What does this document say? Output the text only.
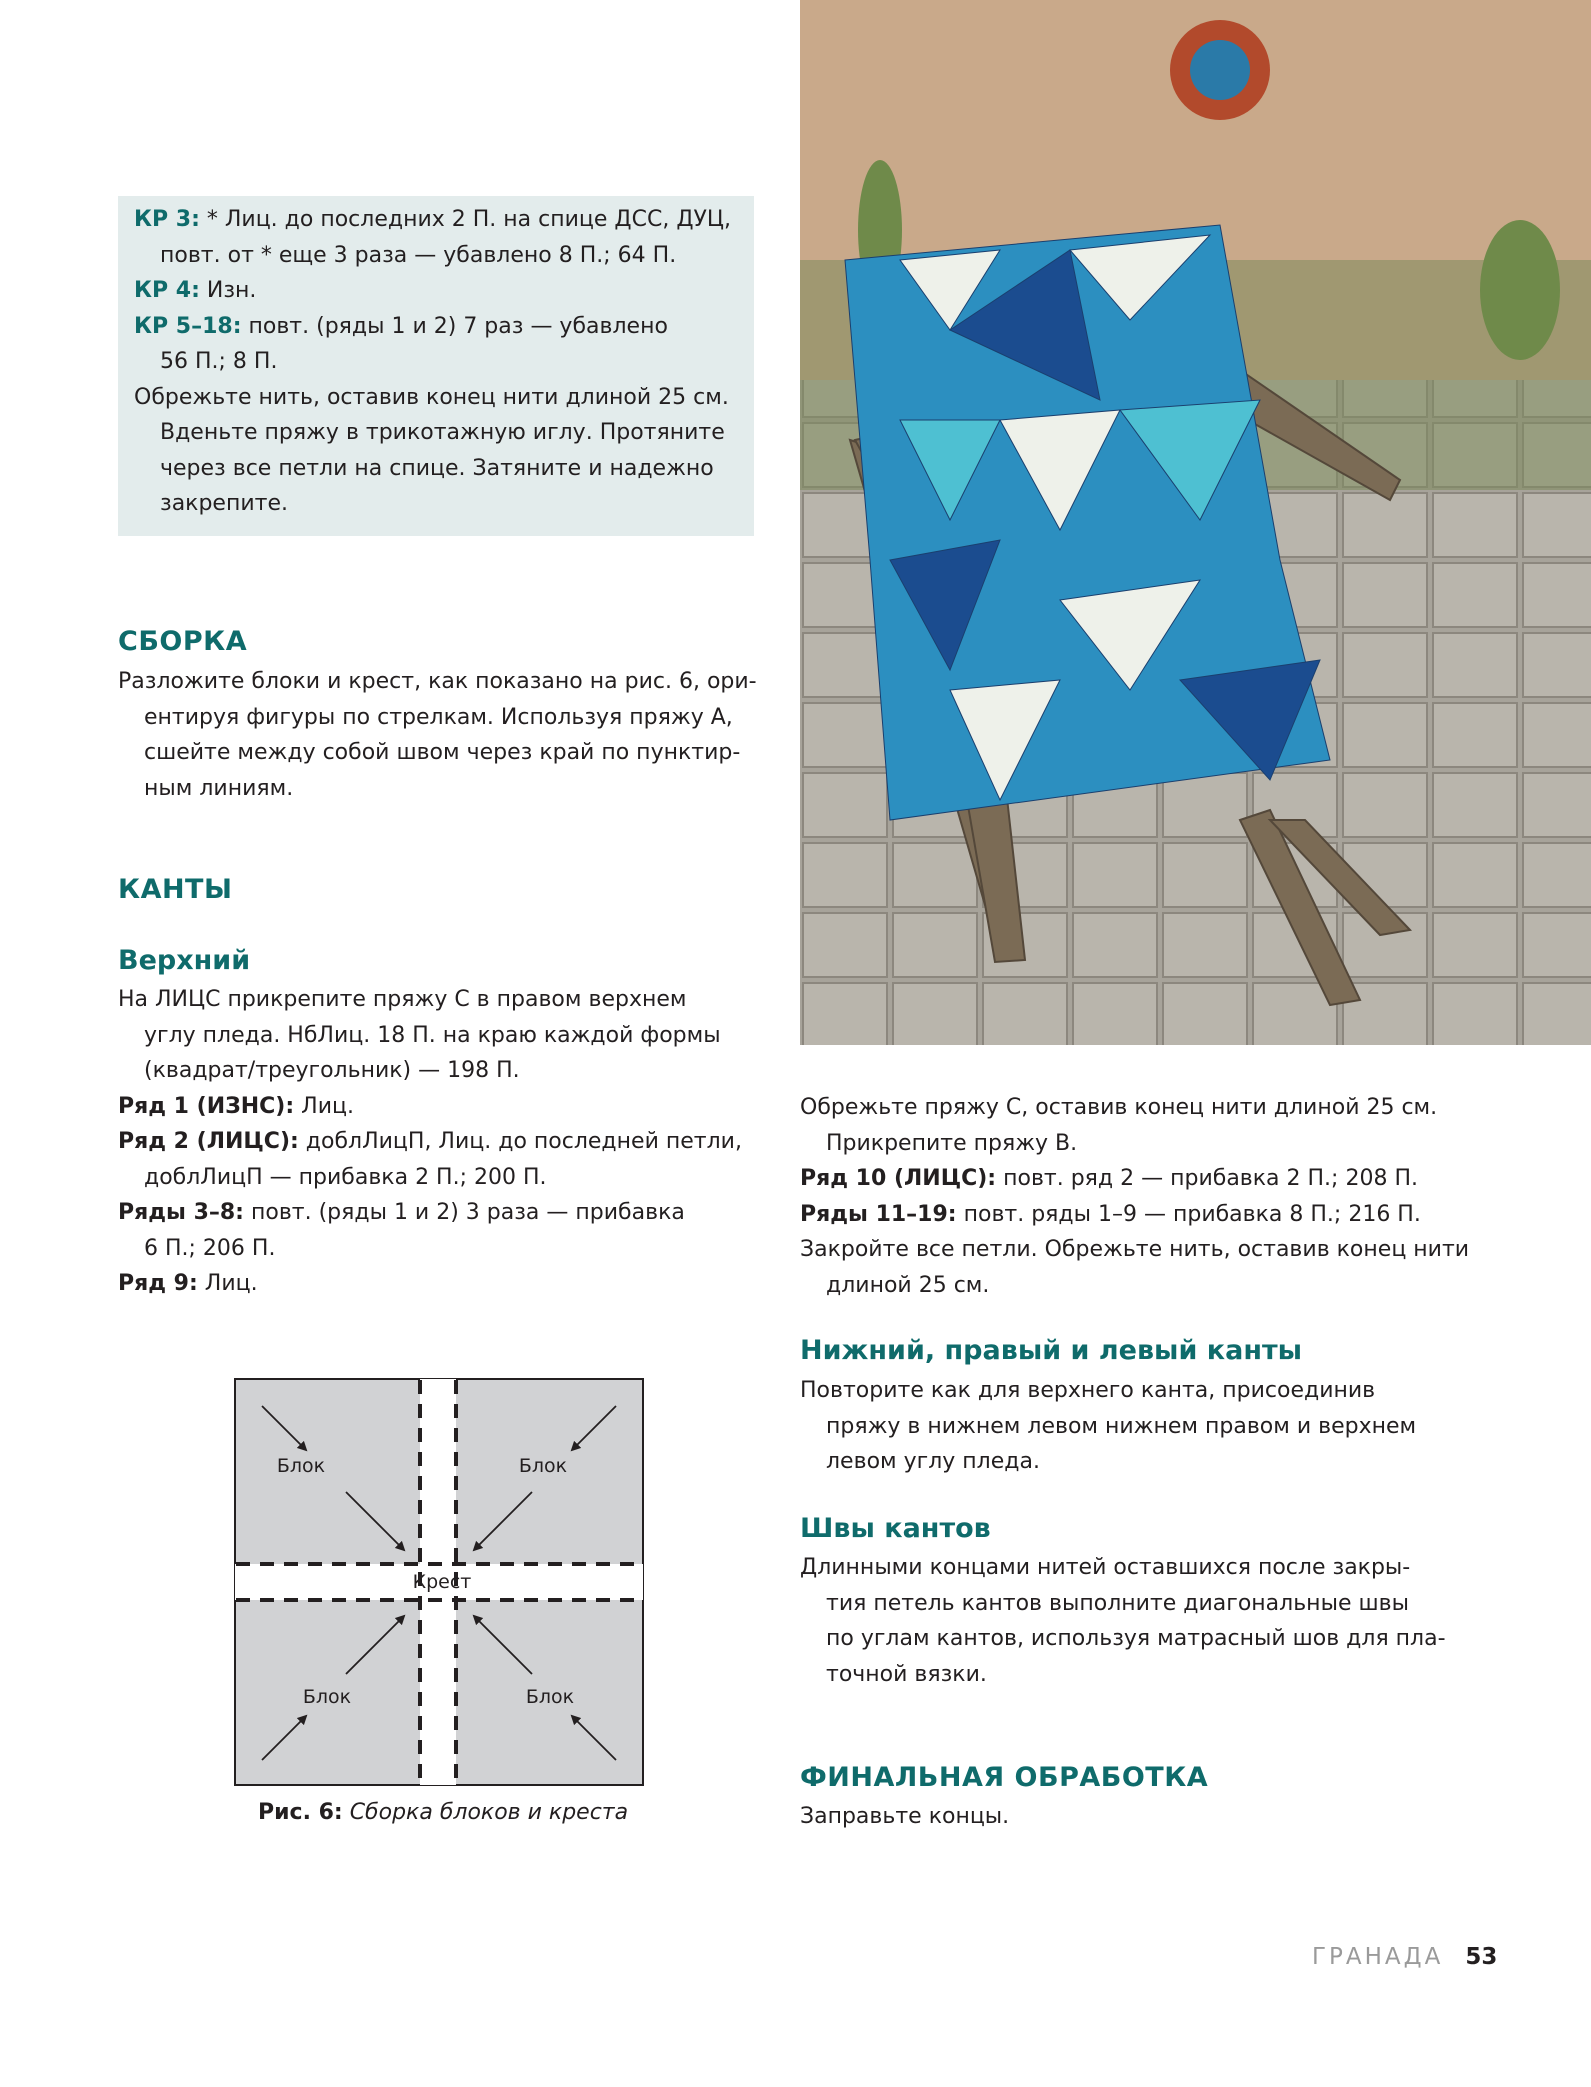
КР 3: * Лиц. до последних 2 П. на спице ДСС, ДУЦ,
повт. от * еще 3 раза — убавлено 8 П.; 64 П.
КР 4: Изн.
КР 5–18: повт. (ряды 1 и 2) 7 раз — убавлено
56 П.; 8 П.
Обрежьте нить, оставив конец нити длиной 25 см.
Вденьте пряжу в трикотажную иглу. Протяните
через все петли на спице. Затяните и надежно
закрепите.
СБОРКА
Разложите блоки и крест, как показано на рис. 6, ори-
ентируя фигуры по стрелкам. Используя пряжу А,
сшейте между собой швом через край по пунктир-
ным линиям.
КАНТЫ
Верхний
На ЛИЦС прикрепите пряжу С в правом верхнем
углу пледа. НбЛиц. 18 П. на краю каждой формы
(квадрат/треугольник) — 198 П.
Ряд 1 (ИЗНС): Лиц.
Ряд 2 (ЛИЦС): доблЛицП, Лиц. до последней петли,
доблЛицП — прибавка 2 П.; 200 П.
Ряды 3–8: повт. (ряды 1 и 2) 3 раза — прибавка
6 П.; 206 П.
Ряд 9: Лиц.
Блок	Блок
Крест
Блок	Блок
Рис. 6: Сборка блоков и креста
Обрежьте пряжу С, оставив конец нити длиной 25 см.
Прикрепите пряжу В.
Ряд 10 (ЛИЦС): повт. ряд 2 — прибавка 2 П.; 208 П.
Ряды 11–19: повт. ряды 1–9 — прибавка 8 П.; 216 П.
Закройте все петли. Обрежьте нить, оставив конец нити
длиной 25 см.
Нижний, правый и левый канты
Повторите как для верхнего канта, присоединив
пряжу в нижнем левом нижнем правом и верхнем
левом углу пледа.
Швы кантов
Длинными концами нитей оставшихся после закры-
тия петель кантов выполните диагональные швы
по углам кантов, используя матрасный шов для пла-
точной вязки.
ФИНАЛЬНАЯ ОБРАБОТКА
Заправьте концы.
ГРАНАДА 53
